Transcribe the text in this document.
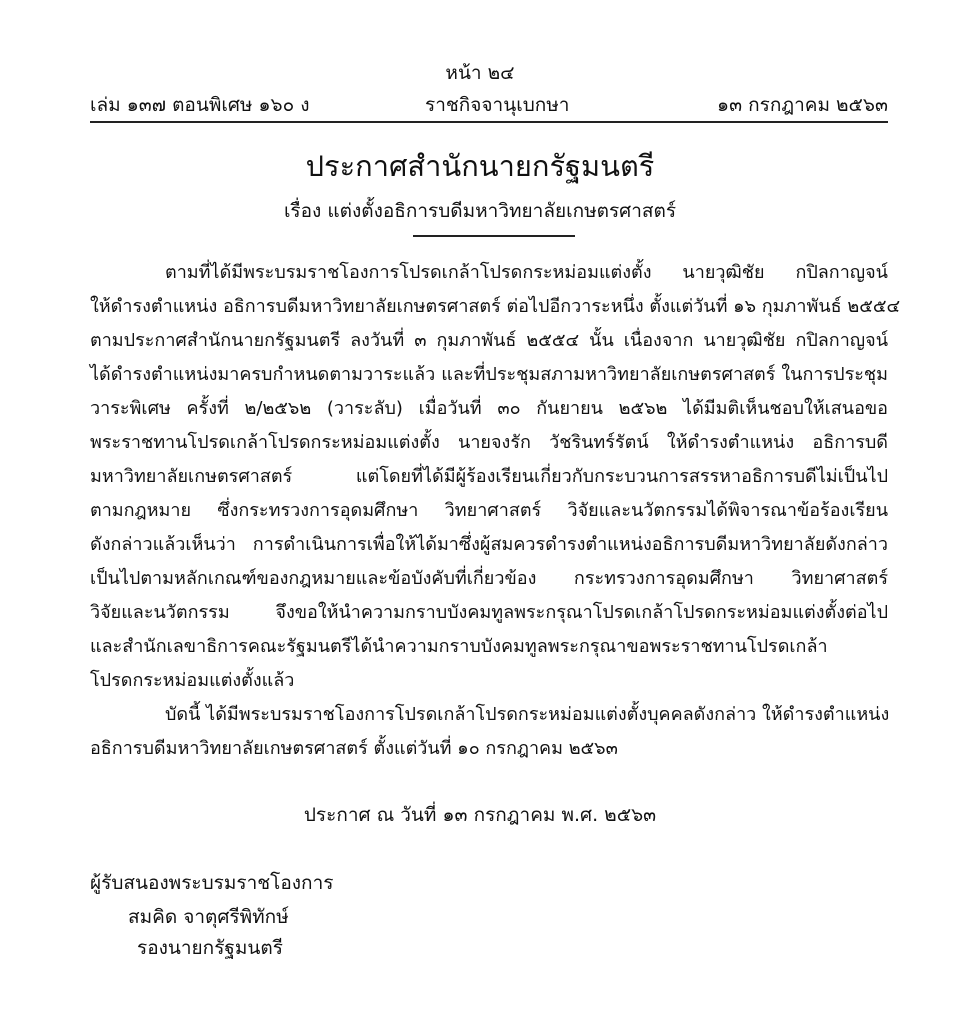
หน้า ๒๔
เล่ม ๑๓๗ ตอนพิเศษ ๑๖๐ ง	ราชกิจจานุเบกษา	๑๓ กรกฎาคม ๒๕๖๓
ประกาศสำนักนายกรัฐมนตรี
เรื่อง แต่งตั้งอธิการบดีมหาวิทยาลัยเกษตรศาสตร์
ตามที่ได้มีพระบรมราชโองการโปรดเกล้าโปรดกระหม่อมแต่งตั้ง นายวุฒิชัย กปิลกาญจน์
ให้ดำรงตำแหน่ง อธิการบดีมหาวิทยาลัยเกษตรศาสตร์ ต่อไปอีกวาระหนึ่ง ตั้งแต่วันที่ ๑๖ กุมภาพันธ์ ๒๕๕๔
ตามประกาศสำนักนายกรัฐมนตรี ลงวันที่ ๓ กุมภาพันธ์ ๒๕๕๔ นั้น เนื่องจาก นายวุฒิชัย กปิลกาญจน์
ได้ดำรงตำแหน่งมาครบกำหนดตามวาระแล้ว และที่ประชุมสภามหาวิทยาลัยเกษตรศาสตร์ ในการประชุม
วาระพิเศษ ครั้งที่ ๒/๒๕๖๒ (วาระลับ) เมื่อวันที่ ๓๐ กันยายน ๒๕๖๒ ได้มีมติเห็นชอบให้เสนอขอ
พระราชทานโปรดเกล้าโปรดกระหม่อมแต่งตั้ง นายจงรัก วัชรินทร์รัตน์ ให้ดำรงตำแหน่ง อธิการบดี
มหาวิทยาลัยเกษตรศาสตร์ แต่โดยที่ได้มีผู้ร้องเรียนเกี่ยวกับกระบวนการสรรหาอธิการบดีไม่เป็นไป
ตามกฎหมาย ซึ่งกระทรวงการอุดมศึกษา วิทยาศาสตร์ วิจัยและนวัตกรรมได้พิจารณาข้อร้องเรียน
ดังกล่าวแล้วเห็นว่า การดำเนินการเพื่อให้ได้มาซึ่งผู้สมควรดำรงตำแหน่งอธิการบดีมหาวิทยาลัยดังกล่าว
เป็นไปตามหลักเกณฑ์ของกฎหมายและข้อบังคับที่เกี่ยวข้อง กระทรวงการอุดมศึกษา วิทยาศาสตร์
วิจัยและนวัตกรรม จึงขอให้นำความกราบบังคมทูลพระกรุณาโปรดเกล้าโปรดกระหม่อมแต่งตั้งต่อไป
และสำนักเลขาธิการคณะรัฐมนตรีได้นำความกราบบังคมทูลพระกรุณาขอพระราชทานโปรดเกล้า
โปรดกระหม่อมแต่งตั้งแล้ว
บัดนี้ ได้มีพระบรมราชโองการโปรดเกล้าโปรดกระหม่อมแต่งตั้งบุคคลดังกล่าว ให้ดำรงตำแหน่ง
อธิการบดีมหาวิทยาลัยเกษตรศาสตร์ ตั้งแต่วันที่ ๑๐ กรกฎาคม ๒๕๖๓
ประกาศ ณ วันที่ ๑๓ กรกฎาคม พ.ศ. ๒๕๖๓
ผู้รับสนองพระบรมราชโองการ
สมคิด จาตุศรีพิทักษ์
รองนายกรัฐมนตรี
